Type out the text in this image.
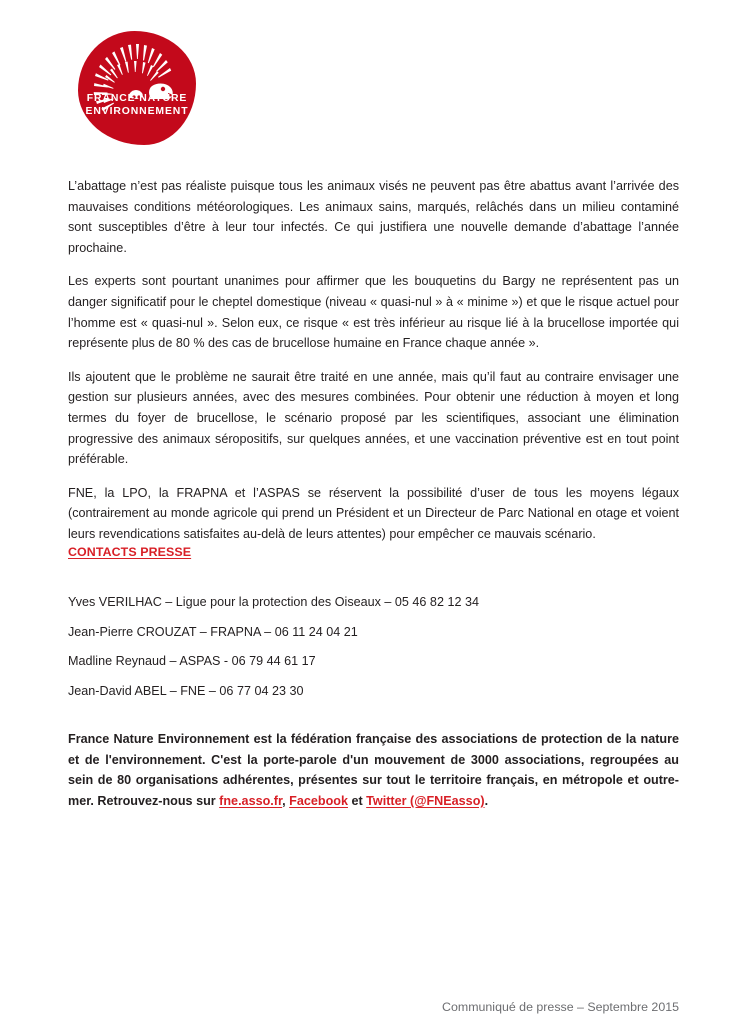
FRANCE NATURE
ENVIRONNEMENT

L’abattage n’est pas réaliste puisque tous les animaux visés ne peuvent pas être abattus avant l’arrivée des mauvaises conditions météorologiques. Les animaux sains, marqués, relâchés dans un milieu contaminé sont susceptibles d’être à leur tour infectés. Ce qui justifiera une nouvelle demande d’abattage l’année prochaine.

Les experts sont pourtant unanimes pour affirmer que les bouquetins du Bargy ne représentent pas un danger significatif pour le cheptel domestique (niveau « quasi-nul » à « minime ») et que le risque actuel pour l’homme est « quasi-nul ». Selon eux, ce risque « est très inférieur au risque lié à la brucellose importée qui représente plus de 80 % des cas de brucellose humaine en France chaque année ».

Ils ajoutent que le problème ne saurait être traité en une année, mais qu’il faut au contraire envisager une gestion sur plusieurs années, avec des mesures combinées. Pour obtenir une réduction à moyen et long termes du foyer de brucellose, le scénario proposé par les scientifiques, associant une élimination progressive des animaux séropositifs, sur quelques années, et une vaccination préventive est en tout point préférable.

FNE, la LPO, la FRAPNA et l’ASPAS se réservent la possibilité d’user de tous les moyens légaux (contrairement au monde agricole qui prend un Président et un Directeur de Parc National en otage et voient leurs revendications satisfaites au-delà de leurs attentes) pour empêcher ce mauvais scénario.

CONTACTS PRESSE
Yves VERILHAC – Ligue pour la protection des Oiseaux – 05 46 82 12 34
Jean-Pierre CROUZAT – FRAPNA – 06 11 24 04 21
Madline Reynaud – ASPAS - 06 79 44 61 17
Jean-David ABEL – FNE – 06 77 04 23 30
France Nature Environnement est la fédération française des associations de protection de la nature et de l'environnement. C'est la porte-parole d'un mouvement de 3000 associations, regroupées au sein de 80 organisations adhérentes, présentes sur tout le territoire français, en métropole et outre-mer. Retrouvez-nous sur fne.asso.fr, Facebook et Twitter (@FNEasso).
Communiqué de presse – Septembre 2015
